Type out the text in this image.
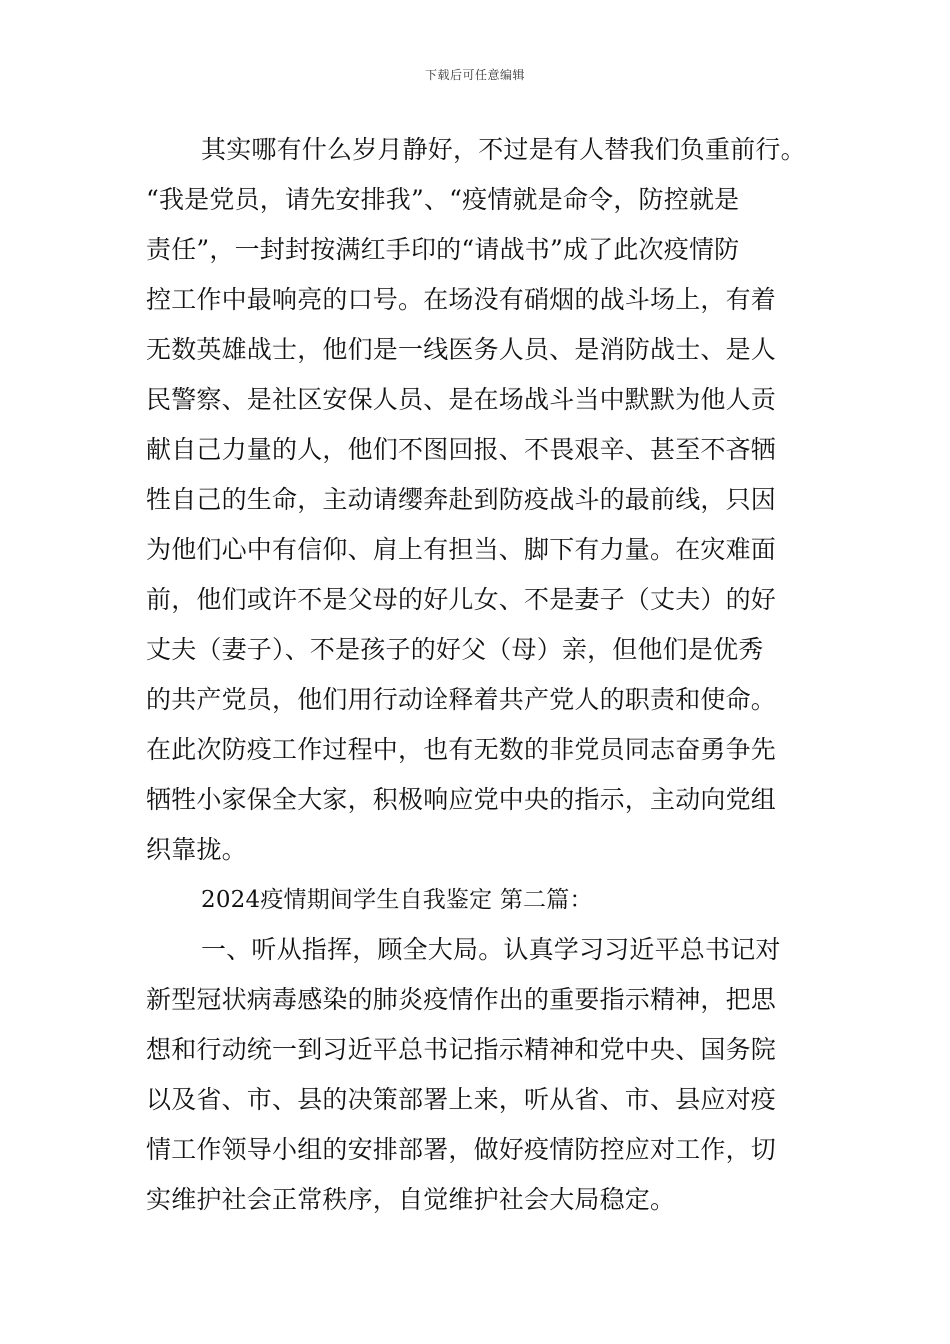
下载后可任意编辑
其实哪有什么岁月静好，不过是有人替我们负重前行。
“我是党员，请先安排我”、“疫情就是命令，防控就是
责任”，一封封按满红手印的“请战书”成了此次疫情防
控工作中最响亮的口号。在场没有硝烟的战斗场上，有着
无数英雄战士，他们是一线医务人员、是消防战士、是人
民警察、是社区安保人员、是在场战斗当中默默为他人贡
献自己力量的人，他们不图回报、不畏艰辛、甚至不吝牺
牲自己的生命，主动请缨奔赴到防疫战斗的最前线，只因
为他们心中有信仰、肩上有担当、脚下有力量。在灾难面
前，他们或许不是父母的好儿女、不是妻子（丈夫）的好
丈夫（妻子）、不是孩子的好父（母）亲，但他们是优秀
的共产党员，他们用行动诠释着共产党人的职责和使命。
在此次防疫工作过程中，也有无数的非党员同志奋勇争先
牺牲小家保全大家，积极响应党中央的指示，主动向党组
织靠拢。
2024疫情期间学生自我鉴定 第二篇：
一、听从指挥，顾全大局。认真学习习近平总书记对
新型冠状病毒感染的肺炎疫情作出的重要指示精神，把思
想和行动统一到习近平总书记指示精神和党中央、国务院
以及省、市、县的决策部署上来，听从省、市、县应对疫
情工作领导小组的安排部署，做好疫情防控应对工作，切
实维护社会正常秩序，自觉维护社会大局稳定。
